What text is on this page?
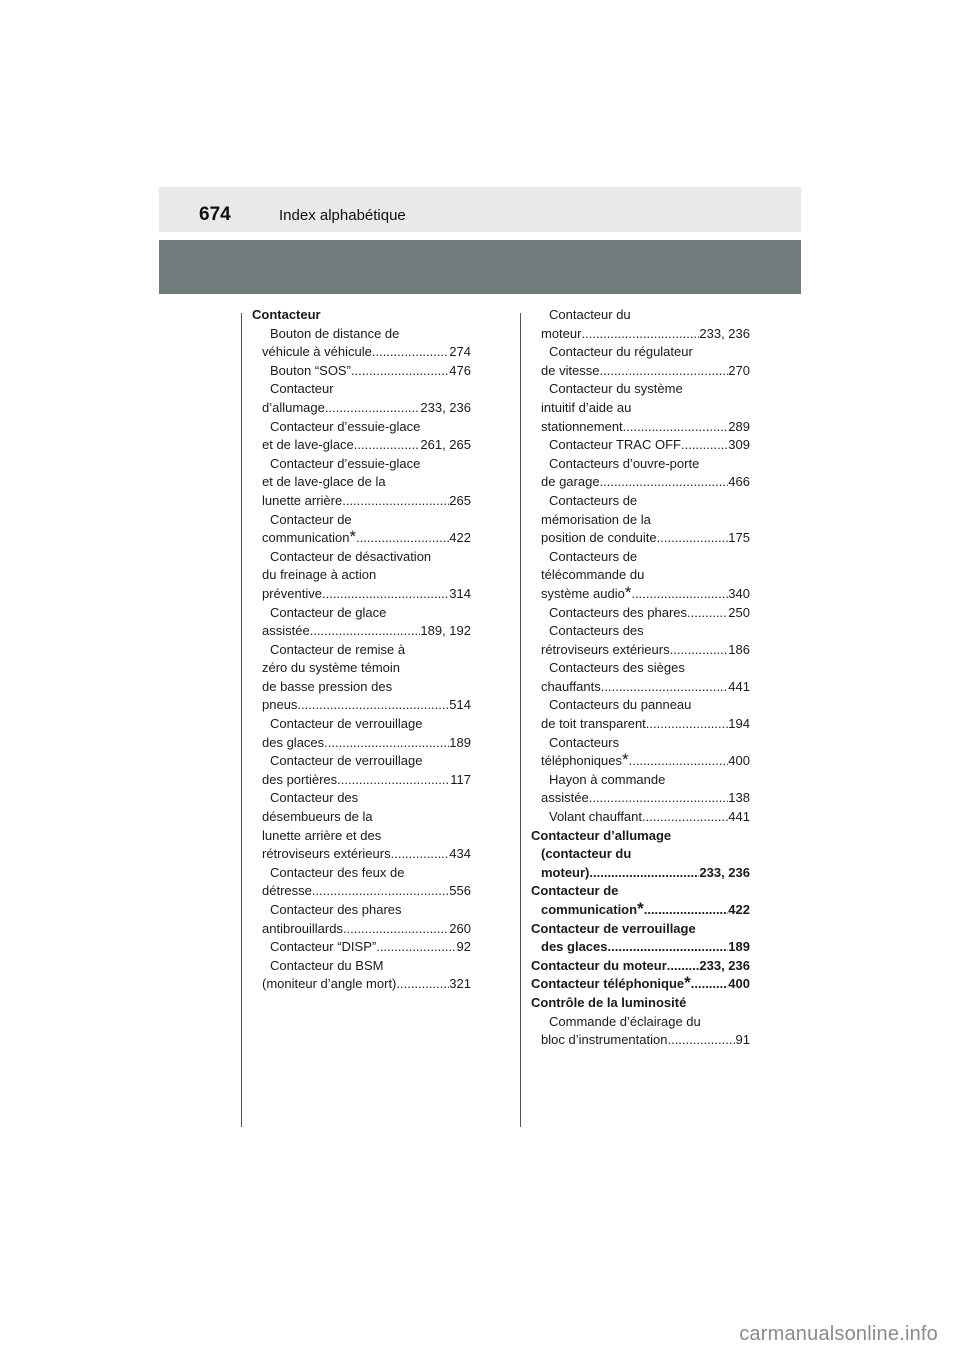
674	Index alphabétique
Contacteur
Bouton de distance de
véhicule à véhicule .....	274
Bouton “SOS” .....	476
Contacteur
d’allumage .....	233, 236
Contacteur d’essuie-glace
et de lave-glace .....	261, 265
Contacteur d’essuie-glace
et de lave-glace de la
lunette arrière .....	265
Contacteur de
communication * .....	422
Contacteur de désactivation
du freinage à action
préventive .....	314
Contacteur de glace
assistée .....	189, 192
Contacteur de remise à
zéro du système témoin
de basse pression des
pneus .....	514
Contacteur de verrouillage
des glaces .....	189
Contacteur de verrouillage
des portières .....	117
Contacteur des
désembueurs de la
lunette arrière et des
rétroviseurs extérieurs .....	434
Contacteur des feux de
détresse .....	556
Contacteur des phares
antibrouillards .....	260
Contacteur “DISP” .....	92
Contacteur du BSM
(moniteur d’angle mort) .....	321
Contacteur du
moteur .....	233, 236
Contacteur du régulateur
de vitesse .....	270
Contacteur du système
intuitif d’aide au
stationnement .....	289
Contacteur TRAC OFF .....	309
Contacteurs d’ouvre-porte
de garage .....	466
Contacteurs de
mémorisation de la
position de conduite .....	175
Contacteurs de
télécommande du
système audio * .....	340
Contacteurs des phares .....	250
Contacteurs des
rétroviseurs extérieurs .....	186
Contacteurs des sièges
chauffants .....	441
Contacteurs du panneau
de toit transparent .....	194
Contacteurs
téléphoniques * .....	400
Hayon à commande
assistée .....	138
Volant chauffant .....	441
Contacteur d’allumage
(contacteur du
moteur) .....	233, 236
Contacteur de
communication * .....	422
Contacteur de verrouillage
des glaces .....	189
Contacteur du moteur .....	233, 236
Contacteur téléphonique * .....	400
Contrôle de la luminosité
Commande d’éclairage du
bloc d’instrumentation .....	91
carmanualsonline.info
